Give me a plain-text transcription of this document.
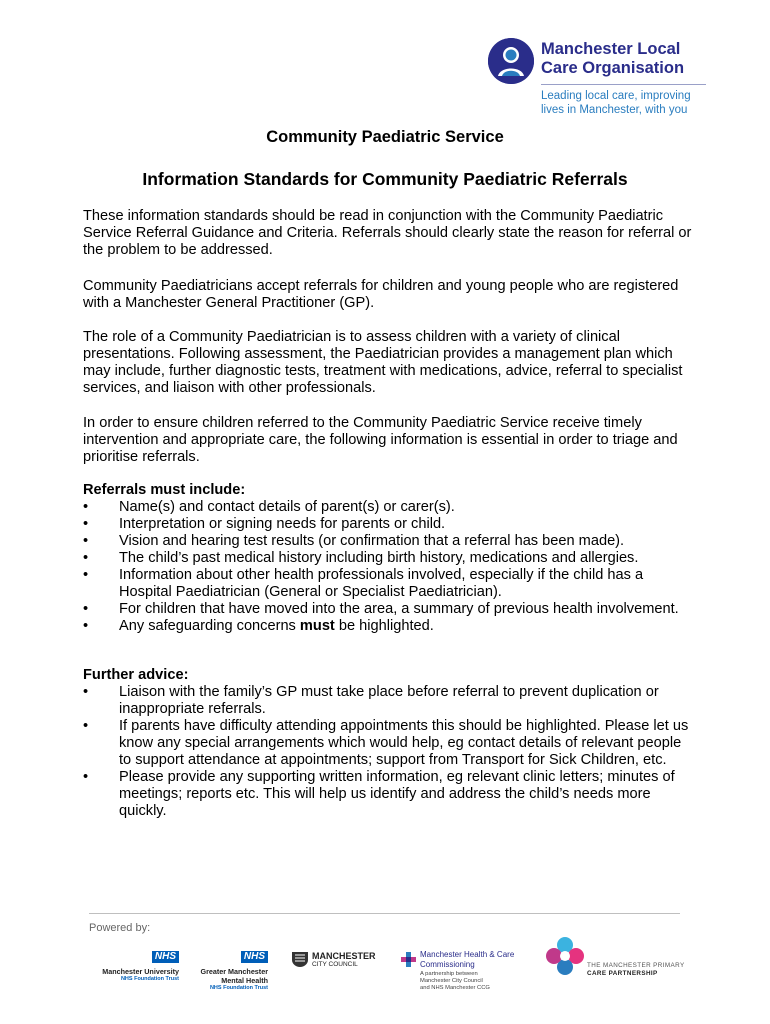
Manchester Local
Care Organisation
Leading local care, improving
lives in Manchester, with you
Community Paediatric Service
Information Standards for Community Paediatric Referrals
These information standards should be read in conjunction with the Community Paediatric Service Referral Guidance and Criteria. Referrals should clearly state the reason for referral or the problem to be addressed.
Community Paediatricians accept referrals for children and young people who are registered with a Manchester General Practitioner (GP).
The role of a Community Paediatrician is to assess children with a variety of clinical presentations. Following assessment, the Paediatrician provides a management plan which may include, further diagnostic tests, treatment with medications, advice, referral to specialist services, and liaison with other professionals.
In order to ensure children referred to the Community Paediatric Service receive timely intervention and appropriate care, the following information is essential in order to triage and prioritise referrals.
Referrals must include:
• Name(s) and contact details of parent(s) or carer(s).
• Interpretation or signing needs for parents or child.
• Vision and hearing test results (or confirmation that a referral has been made).
• The child’s past medical history including birth history, medications and allergies.
• Information about other health professionals involved, especially if the child has a Hospital Paediatrician (General or Specialist Paediatrician).
• For children that have moved into the area, a summary of previous health involvement.
• Any safeguarding concerns must be highlighted.
Further advice:
• Liaison with the family’s GP must take place before referral to prevent duplication or inappropriate referrals.
• If parents have difficulty attending appointments this should be highlighted. Please let us know any special arrangements which would help, eg contact details of relevant people to support attendance at appointments; support from Transport for Sick Children, etc.
• Please provide any supporting written information, eg relevant clinic letters; minutes of meetings; reports etc. This will help us identify and address the child’s needs more quickly.
Powered by:
NHS
Manchester University
NHS Foundation Trust
NHS
Greater Manchester
Mental Health
NHS Foundation Trust
MANCHESTER
CITY COUNCIL
Manchester Health & Care
Commissioning
A partnership between
Manchester City Council
and NHS Manchester CCG
THE MANCHESTER PRIMARY
CARE PARTNERSHIP
